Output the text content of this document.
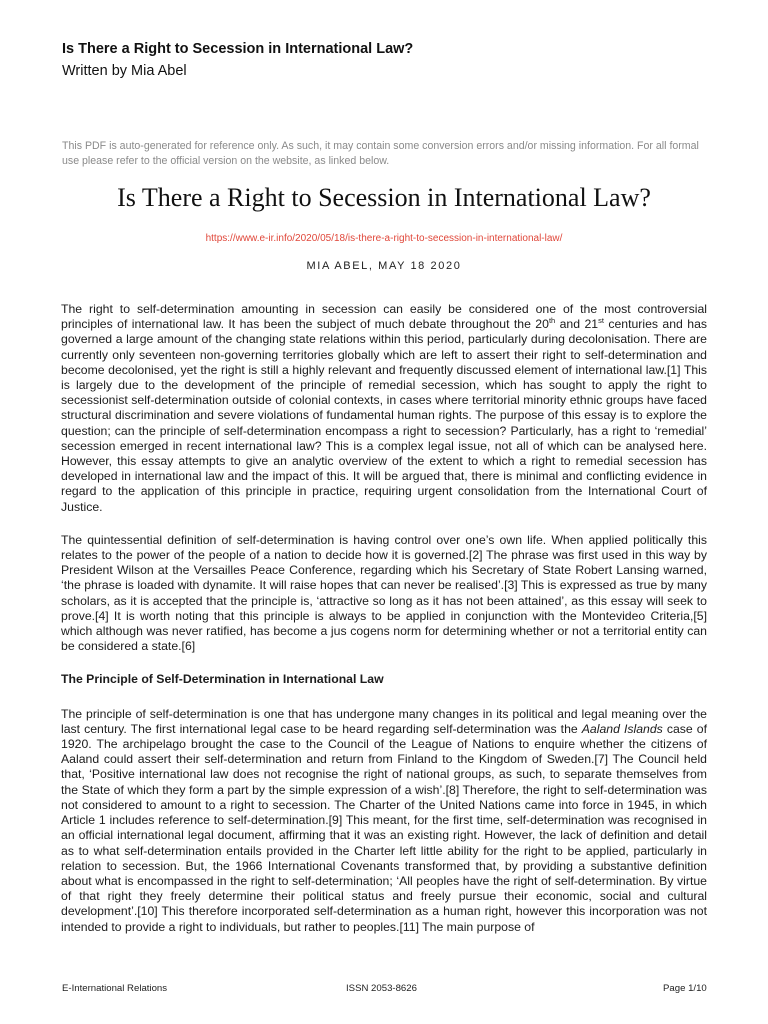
Is There a Right to Secession in International Law?
Written by Mia Abel
This PDF is auto-generated for reference only. As such, it may contain some conversion errors and/or missing information. For all formal use please refer to the official version on the website, as linked below.
Is There a Right to Secession in International Law?
https://www.e-ir.info/2020/05/18/is-there-a-right-to-secession-in-international-law/
MIA ABEL, MAY 18 2020

The right to self-determination amounting in secession can easily be considered one of the most controversial principles of international law. It has been the subject of much debate throughout the 20th and 21st centuries and has governed a large amount of the changing state relations within this period, particularly during decolonisation. There are currently only seventeen non-governing territories globally which are left to assert their right to self-determination and become decolonised, yet the right is still a highly relevant and frequently discussed element of international law.[1] This is largely due to the development of the principle of remedial secession, which has sought to apply the right to secessionist self-determination outside of colonial contexts, in cases where territorial minority ethnic groups have faced structural discrimination and severe violations of fundamental human rights. The purpose of this essay is to explore the question; can the principle of self-determination encompass a right to secession? Particularly, has a right to ‘remedial’ secession emerged in recent international law? This is a complex legal issue, not all of which can be analysed here. However, this essay attempts to give an analytic overview of the extent to which a right to remedial secession has developed in international law and the impact of this. It will be argued that, there is minimal and conflicting evidence in regard to the application of this principle in practice, requiring urgent consolidation from the International Court of Justice.

The quintessential definition of self-determination is having control over one’s own life. When applied politically this relates to the power of the people of a nation to decide how it is governed.[2] The phrase was first used in this way by President Wilson at the Versailles Peace Conference, regarding which his Secretary of State Robert Lansing warned, ‘the phrase is loaded with dynamite. It will raise hopes that can never be realised’.[3] This is expressed as true by many scholars, as it is accepted that the principle is, ‘attractive so long as it has not been attained’, as this essay will seek to prove.[4] It is worth noting that this principle is always to be applied in conjunction with the Montevideo Criteria,[5] which although was never ratified, has become a jus cogens norm for determining whether or not a territorial entity can be considered a state.[6]

The Principle of Self-Determination in International Law

The principle of self-determination is one that has undergone many changes in its political and legal meaning over the last century. The first international legal case to be heard regarding self-determination was the Aaland Islands case of 1920. The archipelago brought the case to the Council of the League of Nations to enquire whether the citizens of Aaland could assert their self-determination and return from Finland to the Kingdom of Sweden.[7] The Council held that, ‘Positive international law does not recognise the right of national groups, as such, to separate themselves from the State of which they form a part by the simple expression of a wish’.[8] Therefore, the right to self-determination was not considered to amount to a right to secession. The Charter of the United Nations came into force in 1945, in which Article 1 includes reference to self-determination.[9] This meant, for the first time, self-determination was recognised in an official international legal document, affirming that it was an existing right. However, the lack of definition and detail as to what self-determination entails provided in the Charter left little ability for the right to be applied, particularly in relation to secession. But, the 1966 International Covenants transformed that, by providing a substantive definition about what is encompassed in the right to self-determination; ‘All peoples have the right of self-determination. By virtue of that right they freely determine their political status and freely pursue their economic, social and cultural development’.[10] This therefore incorporated self-determination as a human right, however this incorporation was not intended to provide a right to individuals, but rather to peoples.[11] The main purpose of

E-International Relations	ISSN 2053-8626	Page 1/10
